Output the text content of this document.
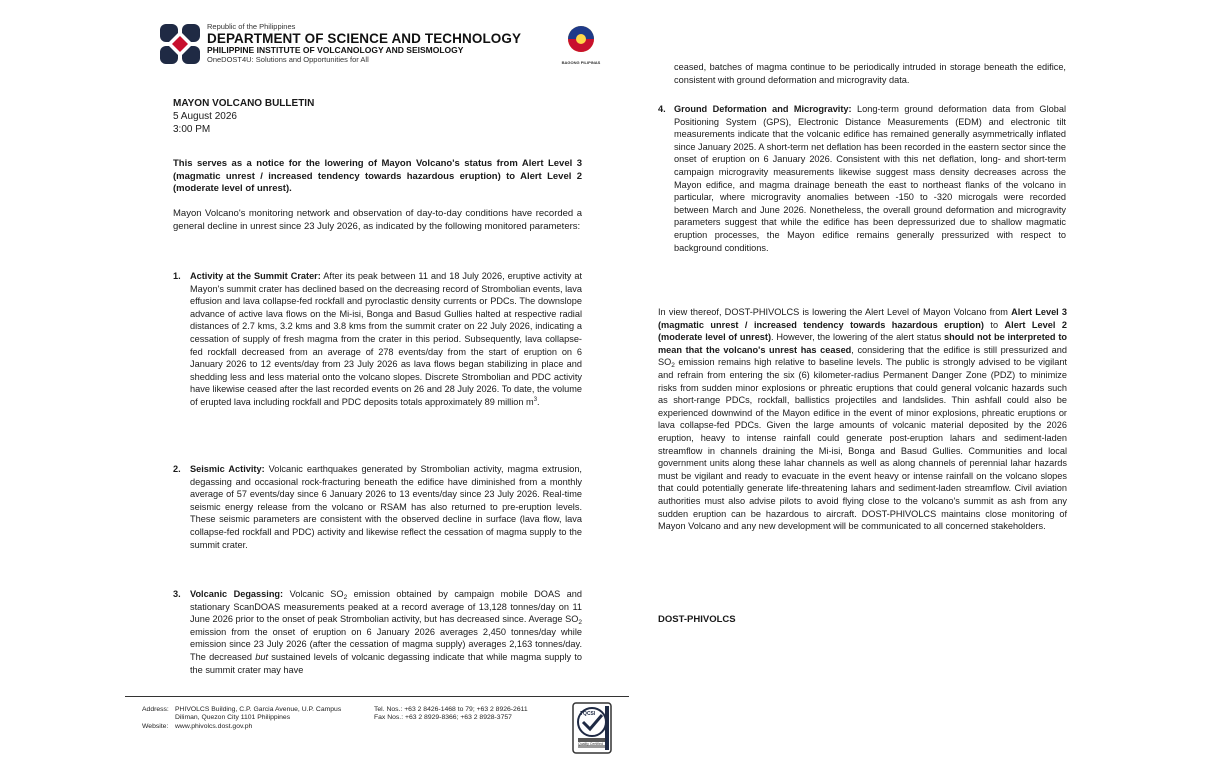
Republic of the Philippines
DEPARTMENT OF SCIENCE AND TECHNOLOGY
PHILIPPINE INSTITUTE OF VOLCANOLOGY AND SEISMOLOGY
OneDOST4U: Solutions and Opportunities for All	BAGONG PILIPINAS
MAYON VOLCANO BULLETIN
5 August 2026
3:00 PM
This serves as a notice for the lowering of Mayon Volcano's status from Alert Level 3 (magmatic unrest / increased tendency towards hazardous eruption) to Alert Level 2 (moderate level of unrest).
Mayon Volcano's monitoring network and observation of day-to-day conditions have recorded a general decline in unrest since 23 July 2026, as indicated by the following monitored parameters:
1. Activity at the Summit Crater: After its peak between 11 and 18 July 2026, eruptive activity at Mayon's summit crater has declined based on the decreasing record of Strombolian events, lava effusion and lava collapse-fed rockfall and pyroclastic density currents or PDCs. The downslope advance of active lava flows on the Mi-isi, Bonga and Basud Gullies halted at respective radial distances of 2.7 kms, 3.2 kms and 3.8 kms from the summit crater on 22 July 2026, indicating a cessation of supply of fresh magma from the crater in this period. Subsequently, lava collapse-fed rockfall decreased from an average of 278 events/day from the start of eruption on 6 January 2026 to 12 events/day from 23 July 2026 as lava flows began stabilizing in place and shedding less and less material onto the volcano slopes. Discrete Strombolian and PDC activity have likewise ceased after the last recorded events on 26 and 28 July 2026. To date, the volume of erupted lava including rockfall and PDC deposits totals approximately 89 million $m^3$.
2. Seismic Activity: Volcanic earthquakes generated by Strombolian activity, magma extrusion, degassing and occasional rock-fracturing beneath the edifice have diminished from a monthly average of 57 events/day since 6 January 2026 to 13 events/day since 23 July 2026. Real-time seismic energy release from the volcano or RSAM has also returned to pre-eruption levels. These seismic parameters are consistent with the observed decline in surface (lava flow, lava collapse-fed rockfall and PDC) activity and likewise reflect the cessation of magma supply to the summit crater.
3. Volcanic Degassing: Volcanic $SO_2$ emission obtained by campaign mobile DOAS and stationary ScanDOAS measurements peaked at a record average of 13,128 tonnes/day on 11 June 2026 prior to the onset of peak Strombolian activity, but has decreased since. Average $SO_2$ emission from the onset of eruption on 6 January 2026 averages 2,450 tonnes/day while emission since 23 July 2026 (after the cessation of magma supply) averages 2,163 tonnes/day. The decreased but sustained levels of volcanic degassing indicate that while magma supply to the summit crater may have
Address: PHIVOLCS Building, C.P. Garcia Avenue, U.P. Campus
Diliman, Quezon City 1101 Philippines
Website: www.phivolcs.dost.gov.ph
Tel. Nos.: +63 2 8426-1468 to 79; +63 2 8926-2611
Fax Nos.: +63 2 8929-8366; +63 2 8928-3757
TQCSI
Quality Certified
ceased, batches of magma continue to be periodically intruded in storage beneath the edifice, consistent with ground deformation and microgravity data.
4. Ground Deformation and Microgravity: Long-term ground deformation data from Global Positioning System (GPS), Electronic Distance Measurements (EDM) and electronic tilt measurements indicate that the volcanic edifice has remained generally asymmetrically inflated since January 2025. A short-term net deflation has been recorded in the eastern sector since the onset of eruption on 6 January 2026. Consistent with this net deflation, long- and short-term campaign microgravity measurements likewise suggest mass density decreases across the Mayon edifice, and magma drainage beneath the east to northeast flanks of the volcano in particular, where microgravity anomalies between -150 to -320 microgals were recorded between March and June 2026. Nonetheless, the overall ground deformation and microgravity parameters suggest that while the edifice has been depressurized due to shallow magmatic eruption processes, the Mayon edifice remains generally pressurized with respect to background conditions.
In view thereof, DOST-PHIVOLCS is lowering the Alert Level of Mayon Volcano from Alert Level 3 (magmatic unrest / increased tendency towards hazardous eruption) to Alert Level 2 (moderate level of unrest). However, the lowering of the alert status should not be interpreted to mean that the volcano's unrest has ceased, considering that the edifice is still pressurized and $SO_2$ emission remains high relative to baseline levels. The public is strongly advised to be vigilant and refrain from entering the six (6) kilometer-radius Permanent Danger Zone (PDZ) to minimize risks from sudden minor explosions or phreatic eruptions that could general volcanic hazards such as short-range PDCs, rockfall, ballistics projectiles and landslides. Thin ashfall could also be experienced downwind of the Mayon edifice in the event of minor explosions, phreatic eruptions or lava collapse-fed PDCs. Given the large amounts of volcanic material deposited by the 2026 eruption, heavy to intense rainfall could generate post-eruption lahars and sediment-laden streamflow in channels draining the Mi-isi, Bonga and Basud Gullies. Communities and local government units along these lahar channels as well as along channels of perennial lahar hazards must be vigilant and ready to evacuate in the event heavy or intense rainfall on the volcano slopes that could potentially generate life-threatening lahars and sediment-laden streamflow. Civil aviation authorities must also advise pilots to avoid flying close to the volcano's summit as ash from any sudden eruption can be hazardous to aircraft. DOST-PHIVOLCS maintains close monitoring of Mayon Volcano and any new development will be communicated to all concerned stakeholders.
DOST-PHIVOLCS
